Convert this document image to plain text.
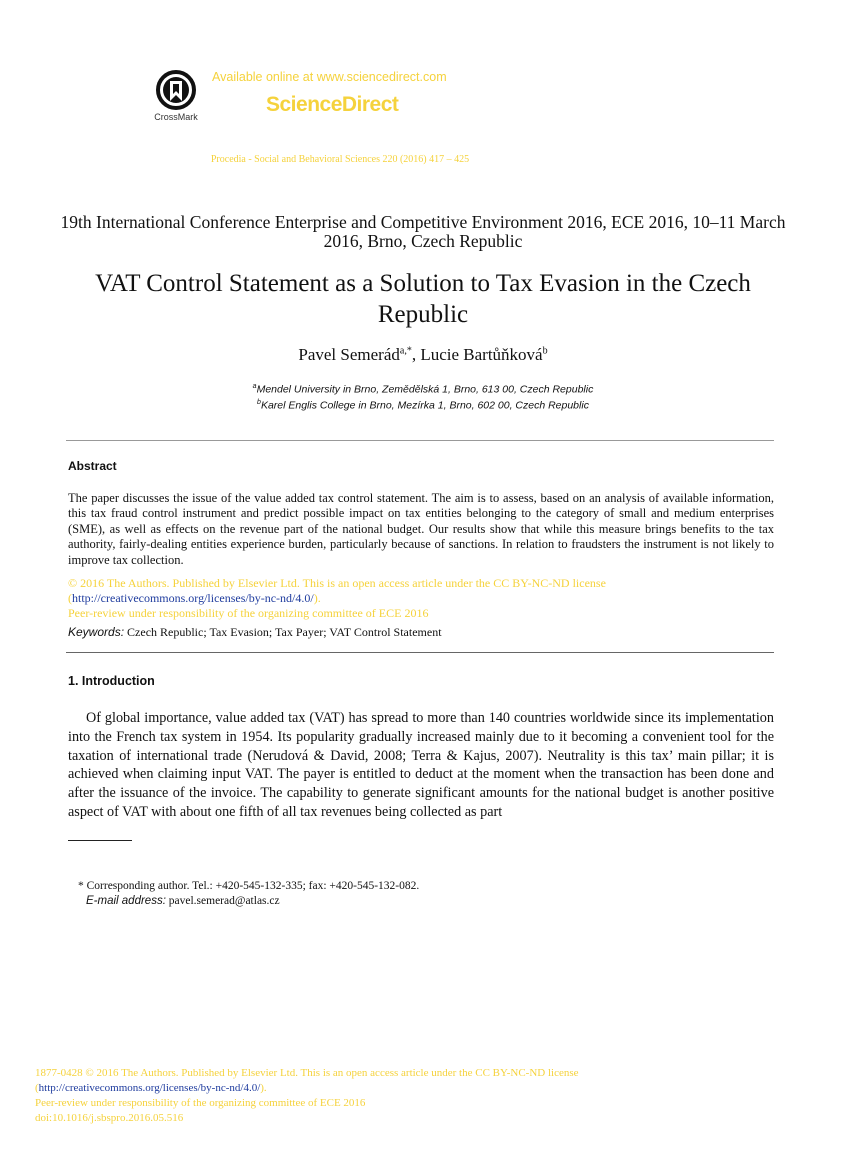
CrossMark
Available online at www.sciencedirect.com
ScienceDirect
Procedia - Social and Behavioral Sciences 220 (2016) 417 – 425
19th International Conference Enterprise and Competitive Environment 2016, ECE 2016, 10–11 March 2016, Brno, Czech Republic
VAT Control Statement as a Solution to Tax Evasion in the Czech Republic
Pavel Semerád$^{a,*}$, Lucie Bartůňková$^b$
$^a$Mendel University in Brno, Zemědělská 1, Brno, 613 00, Czech Republic
$^b$Karel Englis College in Brno, Mezírka 1, Brno, 602 00, Czech Republic
Abstract
The paper discusses the issue of the value added tax control statement. The aim is to assess, based on an analysis of available information, this tax fraud control instrument and predict possible impact on tax entities belonging to the category of small and medium enterprises (SME), as well as effects on the revenue part of the national budget. Our results show that while this measure brings benefits to the tax authority, fairly-dealing entities experience burden, particularly because of sanctions. In relation to fraudsters the instrument is not likely to improve tax collection.
© 2016 The Authors. Published by Elsevier Ltd. This is an open access article under the CC BY-NC-ND license
(http://creativecommons.org/licenses/by-nc-nd/4.0/).
Peer-review under responsibility of the organizing committee of ECE 2016
Keywords: Czech Republic; Tax Evasion; Tax Payer; VAT Control Statement
1. Introduction
Of global importance, value added tax (VAT) has spread to more than 140 countries worldwide since its implementation into the French tax system in 1954. Its popularity gradually increased mainly due to it becoming a convenient tool for the taxation of international trade (Nerudová & David, 2008; Terra & Kajus, 2007). Neutrality is this tax’ main pillar; it is achieved when claiming input VAT. The payer is entitled to deduct at the moment when the transaction has been done and after the issuance of the invoice. The capability to generate significant amounts for the national budget is another positive aspect of VAT with about one fifth of all tax revenues being collected as part
* Corresponding author. Tel.: +420-545-132-335; fax: +420-545-132-082.
E-mail address: pavel.semerad@atlas.cz
1877-0428 © 2016 The Authors. Published by Elsevier Ltd. This is an open access article under the CC BY-NC-ND license
(http://creativecommons.org/licenses/by-nc-nd/4.0/).
Peer-review under responsibility of the organizing committee of ECE 2016
doi:10.1016/j.sbspro.2016.05.516
